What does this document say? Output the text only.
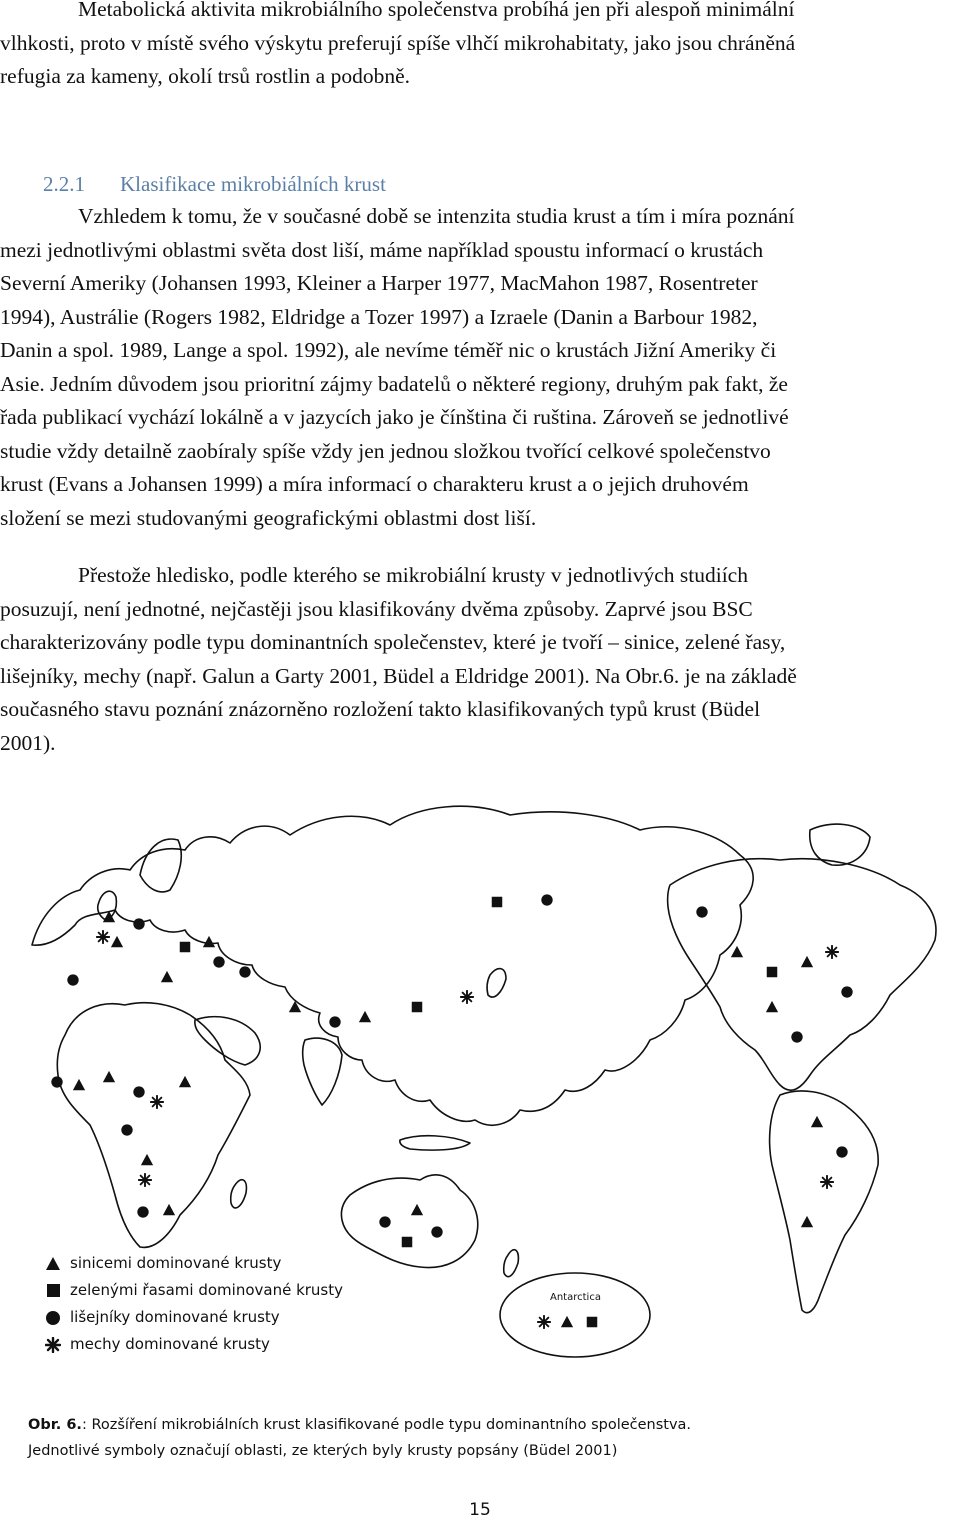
Metabolická aktivita mikrobiálního společenstva probíhá jen při alespoň minimální
vlhkosti, proto v místě svého výskytu preferují spíše vlhčí mikrohabitaty, jako jsou chráněná
refugia za kameny, okolí trsů rostlin a podobně.
2.2.1 Klasifikace mikrobiálních krust
Vzhledem k tomu, že v současné době se intenzita studia krust a tím i míra poznání
mezi jednotlivými oblastmi světa dost liší, máme například spoustu informací o krustách
Severní Ameriky (Johansen 1993, Kleiner a Harper 1977, MacMahon 1987, Rosentreter
1994), Austrálie (Rogers 1982, Eldridge a Tozer 1997) a Izraele (Danin a Barbour 1982,
Danin a spol. 1989, Lange a spol. 1992), ale nevíme téměř nic o krustách Jižní Ameriky či
Asie. Jedním důvodem jsou prioritní zájmy badatelů o některé regiony, druhým pak fakt, že
řada publikací vychází lokálně a v jazycích jako je čínština či ruština. Zároveň se jednotlivé
studie vždy detailně zaobíraly spíše vždy jen jednou složkou tvořící celkové společenstvo
krust (Evans a Johansen 1999) a míra informací o charakteru krust a o jejich druhovém
složení se mezi studovanými geografickými oblastmi dost liší.
Přestože hledisko, podle kterého se mikrobiální krusty v jednotlivých studiích
posuzují, není jednotné, nejčastěji jsou klasifikovány dvěma způsoby. Zaprvé jsou BSC
charakterizovány podle typu dominantních společenstev, které je tvoří – sinice, zelené řasy,
lišejníky, mechy (např. Galun a Garty 2001, Büdel a Eldridge 2001). Na Obr.6. je na základě
současného stavu poznání znázorněno rozložení takto klasifikovaných typů krust (Büdel
2001).
Antarctica
sinicemi dominované krusty
zelenými řasami dominované krusty
lišejníky dominované krusty
mechy dominované krusty
Obr. 6.: Rozšíření mikrobiálních krust klasifikované podle typu dominantního společenstva.
Jednotlivé symboly označují oblasti, ze kterých byly krusty popsány (Büdel 2001)
15
